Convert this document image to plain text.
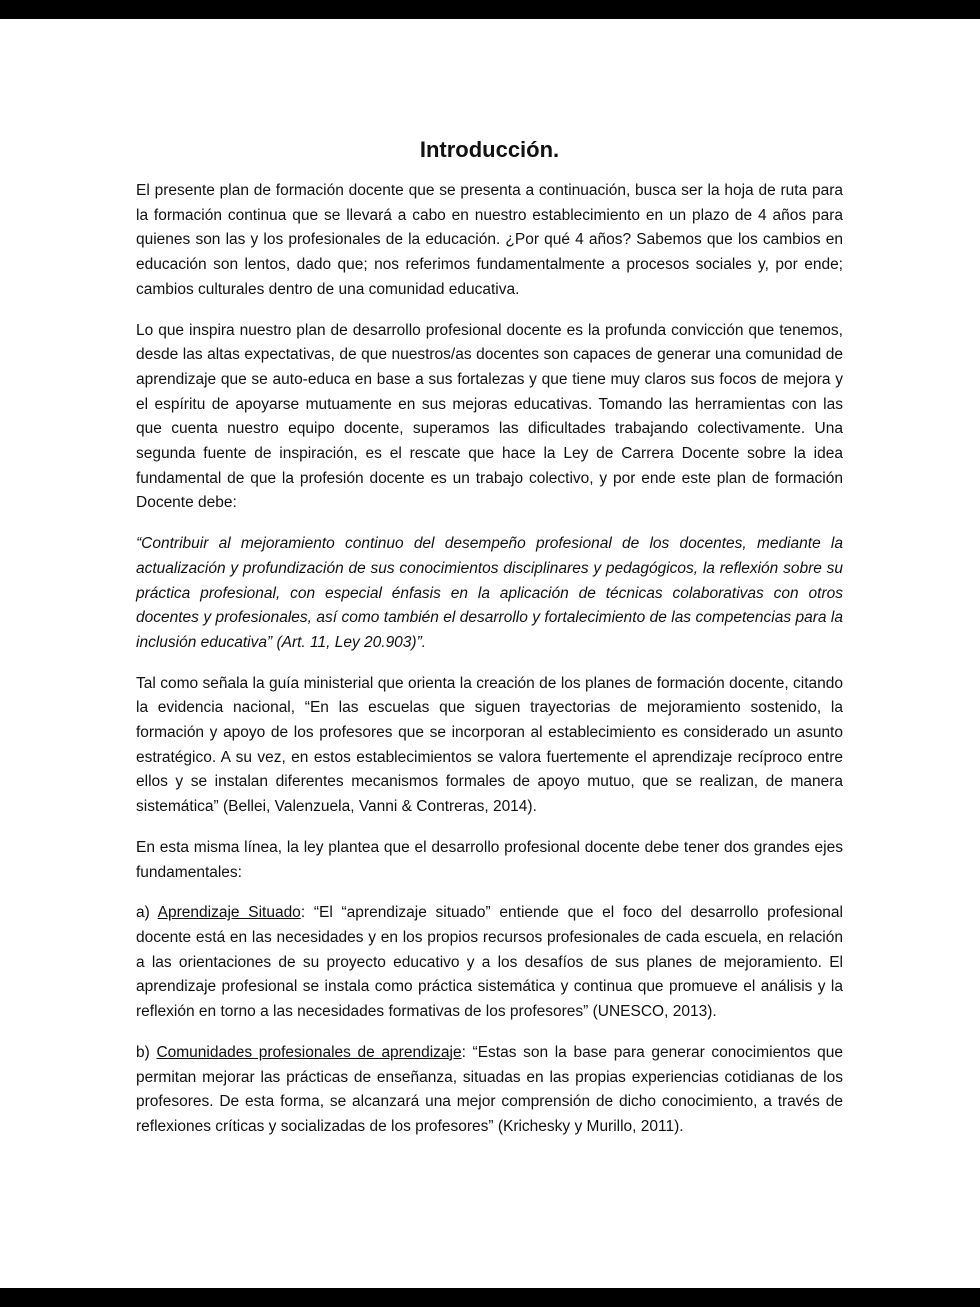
Introducción.

El presente plan de formación docente que se presenta a continuación, busca ser la hoja de ruta para la formación continua que se llevará a cabo en nuestro establecimiento en un plazo de 4 años para quienes son las y los profesionales de la educación. ¿Por qué 4 años? Sabemos que los cambios en educación son lentos, dado que; nos referimos fundamentalmente a procesos sociales y, por ende; cambios culturales dentro de una comunidad educativa.

Lo que inspira nuestro plan de desarrollo profesional docente es la profunda convicción que tenemos, desde las altas expectativas, de que nuestros/as docentes son capaces de generar una comunidad de aprendizaje que se auto-educa en base a sus fortalezas y que tiene muy claros sus focos de mejora y el espíritu de apoyarse mutuamente en sus mejoras educativas. Tomando las herramientas con las que cuenta nuestro equipo docente, superamos las dificultades trabajando colectivamente. Una segunda fuente de inspiración, es el rescate que hace la Ley de Carrera Docente sobre la idea fundamental de que la profesión docente es un trabajo colectivo, y por ende este plan de formación Docente debe:

“Contribuir al mejoramiento continuo del desempeño profesional de los docentes, mediante la actualización y profundización de sus conocimientos disciplinares y pedagógicos, la reflexión sobre su práctica profesional, con especial énfasis en la aplicación de técnicas colaborativas con otros docentes y profesionales, así como también el desarrollo y fortalecimiento de las competencias para la inclusión educativa” (Art. 11, Ley 20.903)”.

Tal como señala la guía ministerial que orienta la creación de los planes de formación docente, citando la evidencia nacional, “En las escuelas que siguen trayectorias de mejoramiento sostenido, la formación y apoyo de los profesores que se incorporan al establecimiento es considerado un asunto estratégico. A su vez, en estos establecimientos se valora fuertemente el aprendizaje recíproco entre ellos y se instalan diferentes mecanismos formales de apoyo mutuo, que se realizan, de manera sistemática” (Bellei, Valenzuela, Vanni & Contreras, 2014).

En esta misma línea, la ley plantea que el desarrollo profesional docente debe tener dos grandes ejes fundamentales:

a) Aprendizaje Situado: “El “aprendizaje situado” entiende que el foco del desarrollo profesional docente está en las necesidades y en los propios recursos profesionales de cada escuela, en relación a las orientaciones de su proyecto educativo y a los desafíos de sus planes de mejoramiento. El aprendizaje profesional se instala como práctica sistemática y continua que promueve el análisis y la reflexión en torno a las necesidades formativas de los profesores” (UNESCO, 2013).

b) Comunidades profesionales de aprendizaje: “Estas son la base para generar conocimientos que permitan mejorar las prácticas de enseñanza, situadas en las propias experiencias cotidianas de los profesores. De esta forma, se alcanzará una mejor comprensión de dicho conocimiento, a través de reflexiones críticas y socializadas de los profesores” (Krichesky y Murillo, 2011).
